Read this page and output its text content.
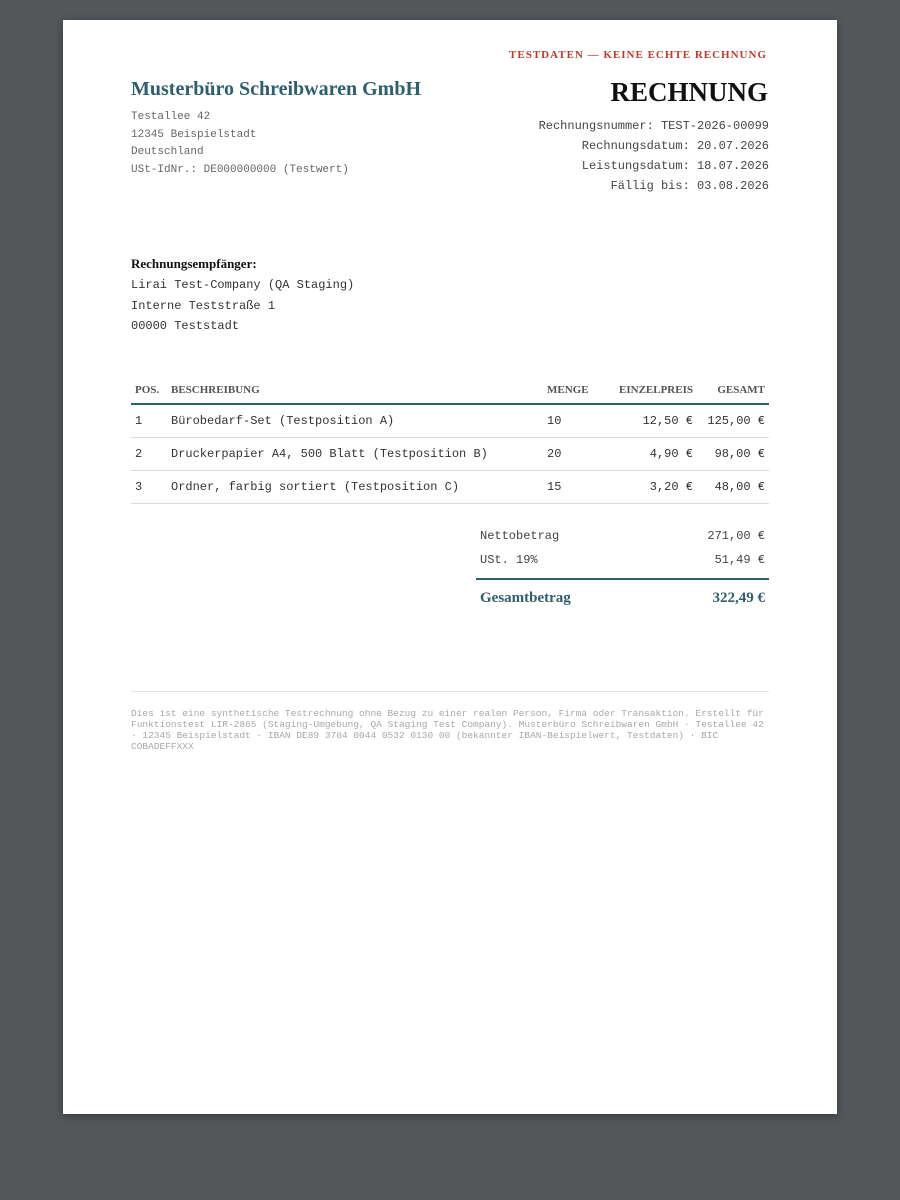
TESTDATEN — KEINE ECHTE RECHNUNG
Musterbüro Schreibwaren GmbH
Testallee 42
12345 Beispielstadt
Deutschland
USt-IdNr.: DE000000000 (Testwert)
RECHNUNG
Rechnungsnummer: TEST-2026-00099
Rechnungsdatum: 20.07.2026
Leistungsdatum: 18.07.2026
Fällig bis: 03.08.2026
Rechnungsempfänger:
Lirai Test-Company (QA Staging)
Interne Teststraße 1
00000 Teststadt
POS.	BESCHREIBUNG	MENGE	EINZELPREIS	GESAMT
1	Bürobedarf-Set (Testposition A)	10	12,50 €	125,00 €
2	Druckerpapier A4, 500 Blatt (Testposition B)	20	4,90 €	98,00 €
3	Ordner, farbig sortiert (Testposition C)	15	3,20 €	48,00 €
Nettobetrag	271,00 €
USt. 19%	51,49 €
Gesamtbetrag	322,49 €
Dies ist eine synthetische Testrechnung ohne Bezug zu einer realen Person, Firma oder Transaktion. Erstellt für Funktionstest LIR-2865 (Staging-Umgebung, QA Staging Test Company). Musterbüro Schreibwaren GmbH · Testallee 42 · 12345 Beispielstadt · IBAN DE89 3704 0044 0532 0130 00 (bekannter IBAN-Beispielwert, Testdaten) · BIC COBADEFFXXX
